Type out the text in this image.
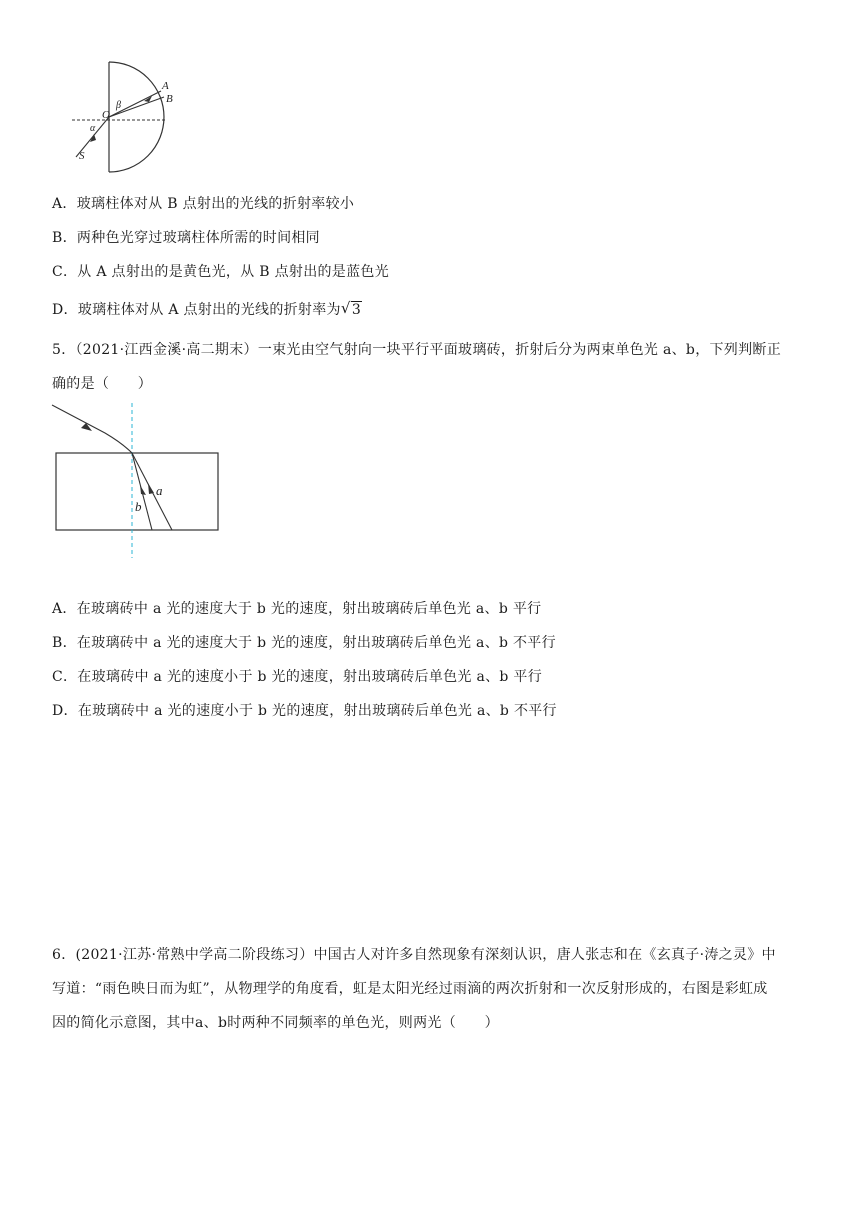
O
β
α
A
B
S
A．玻璃柱体对从 B 点射出的光线的折射率较小
B．两种色光穿过玻璃柱体所需的时间相同
C．从 A 点射出的是黄色光，从 B 点射出的是蓝色光
D．玻璃柱体对从 A 点射出的光线的折射率为 √ 3
5．（2021·江西金溪·高二期末）一束光由空气射向一块平行平面玻璃砖，折射后分为两束单色光 a、b，下列判断正
确的是（　　）
a
b
A．在玻璃砖中 a 光的速度大于 b 光的速度，射出玻璃砖后单色光 a、b 平行
B．在玻璃砖中 a 光的速度大于 b 光的速度，射出玻璃砖后单色光 a、b 不平行
C．在玻璃砖中 a 光的速度小于 b 光的速度，射出玻璃砖后单色光 a、b 平行
D．在玻璃砖中 a 光的速度小于 b 光的速度，射出玻璃砖后单色光 a、b 不平行
6．(2021·江苏·常熟中学高二阶段练习）中国古人对许多自然现象有深刻认识，唐人张志和在《玄真子·涛之灵》中
写道：“雨色映日而为虹”，从物理学的角度看，虹是太阳光经过雨滴的两次折射和一次反射形成的，右图是彩虹成
因的简化示意图，其中a、b时两种不同频率的单色光，则两光（　　）
